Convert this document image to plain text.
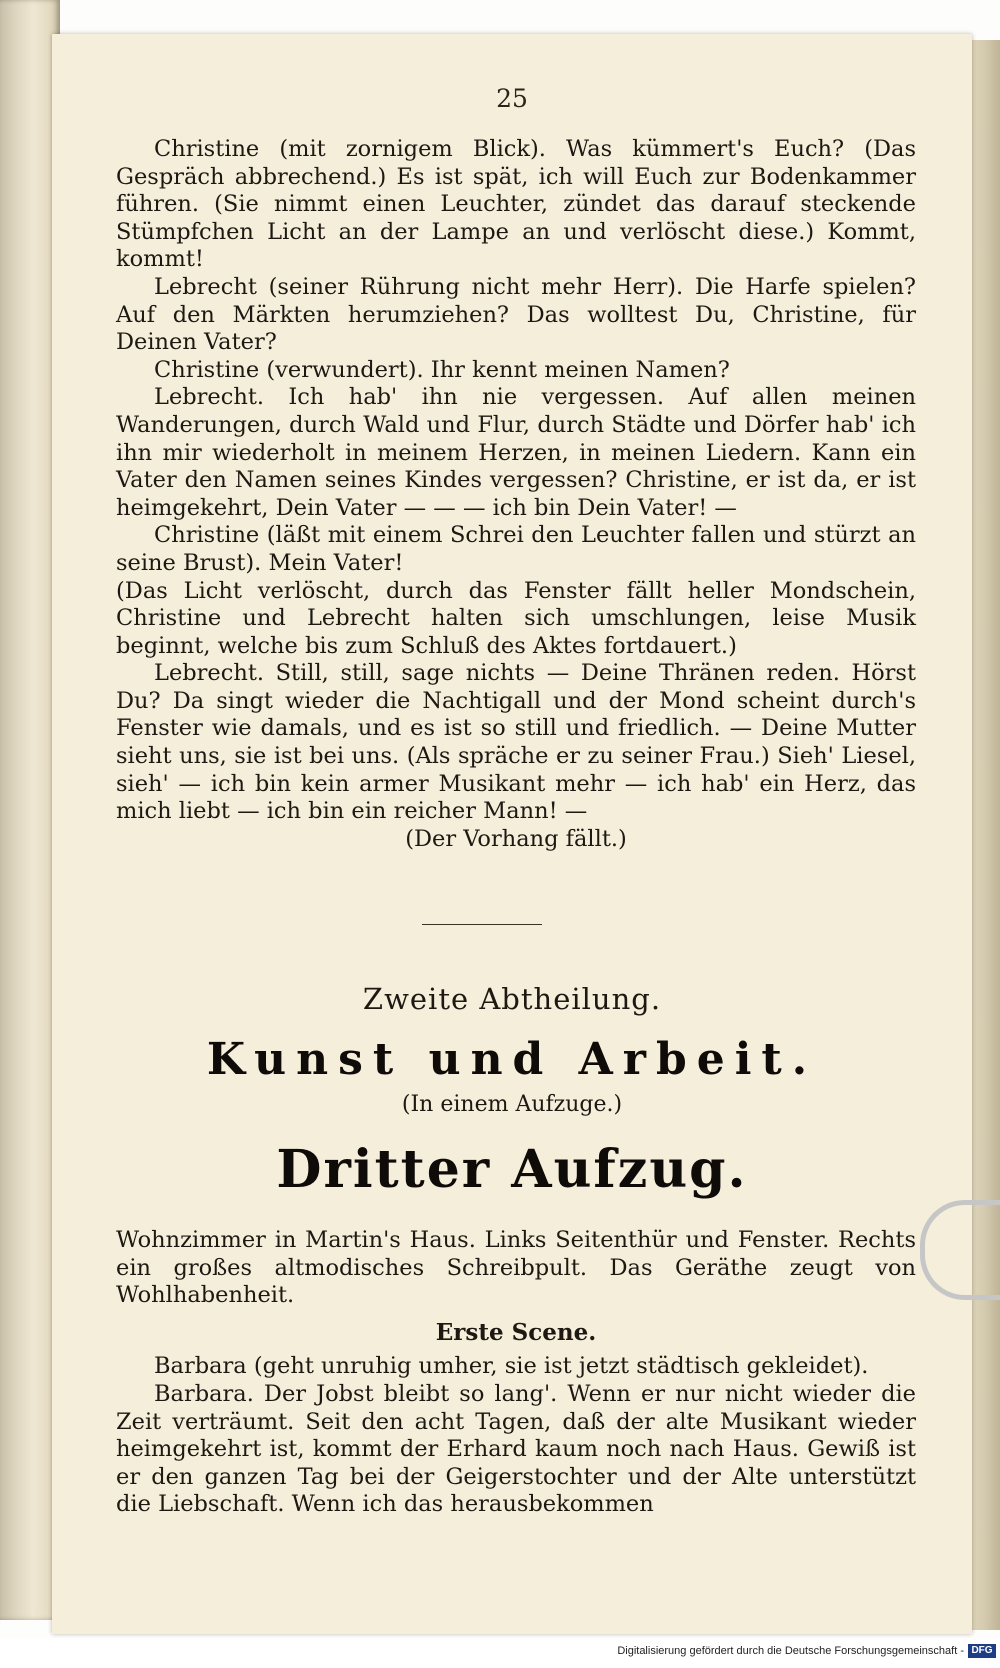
25

Christine (mit zornigem Blick). Was kümmert's Euch? (Das Gespräch abbrechend.) Es ist spät, ich will Euch zur Bodenkammer führen. (Sie nimmt einen Leuchter, zündet das darauf steckende Stümpfchen Licht an der Lampe an und verlöscht diese.) Kommt, kommt!

Lebrecht (seiner Rührung nicht mehr Herr). Die Harfe spielen? Auf den Märkten herumziehen? Das wolltest Du, Christine, für Deinen Vater?

Christine (verwundert). Ihr kennt meinen Namen?

Lebrecht. Ich hab' ihn nie vergessen. Auf allen meinen Wanderungen, durch Wald und Flur, durch Städte und Dörfer hab' ich ihn mir wiederholt in meinem Herzen, in meinen Liedern. Kann ein Vater den Namen seines Kindes vergessen? Christine, er ist da, er ist heimgekehrt, Dein Vater — — — ich bin Dein Vater! —

Christine (läßt mit einem Schrei den Leuchter fallen und stürzt an seine Brust). Mein Vater!

(Das Licht verlöscht, durch das Fenster fällt heller Mondschein, Christine und Lebrecht halten sich umschlungen, leise Musik beginnt, welche bis zum Schluß des Aktes fortdauert.)

Lebrecht. Still, still, sage nichts — Deine Thränen reden. Hörst Du? Da singt wieder die Nachtigall und der Mond scheint durch's Fenster wie damals, und es ist so still und friedlich. — Deine Mutter sieht uns, sie ist bei uns. (Als spräche er zu seiner Frau.) Sieh' Liesel, sieh' — ich bin kein armer Musikant mehr — ich hab' ein Herz, das mich liebt — ich bin ein reicher Mann! —

(Der Vorhang fällt.)

Zweite Abtheilung.
Kunst und Arbeit.
(In einem Aufzuge.)
Dritter Aufzug.

Wohnzimmer in Martin's Haus. Links Seitenthür und Fenster. Rechts ein großes altmodisches Schreibpult. Das Geräthe zeugt von Wohlhabenheit.

Erste Scene.

Barbara (geht unruhig umher, sie ist jetzt städtisch gekleidet).

Barbara. Der Jobst bleibt so lang'. Wenn er nur nicht wieder die Zeit verträumt. Seit den acht Tagen, daß der alte Musikant wieder heimgekehrt ist, kommt der Erhard kaum noch nach Haus. Gewiß ist er den ganzen Tag bei der Geigerstochter und der Alte unterstützt die Liebschaft. Wenn ich das herausbekommen

Digitalisierung gefördert durch die Deutsche Forschungsgemeinschaft - DFG
